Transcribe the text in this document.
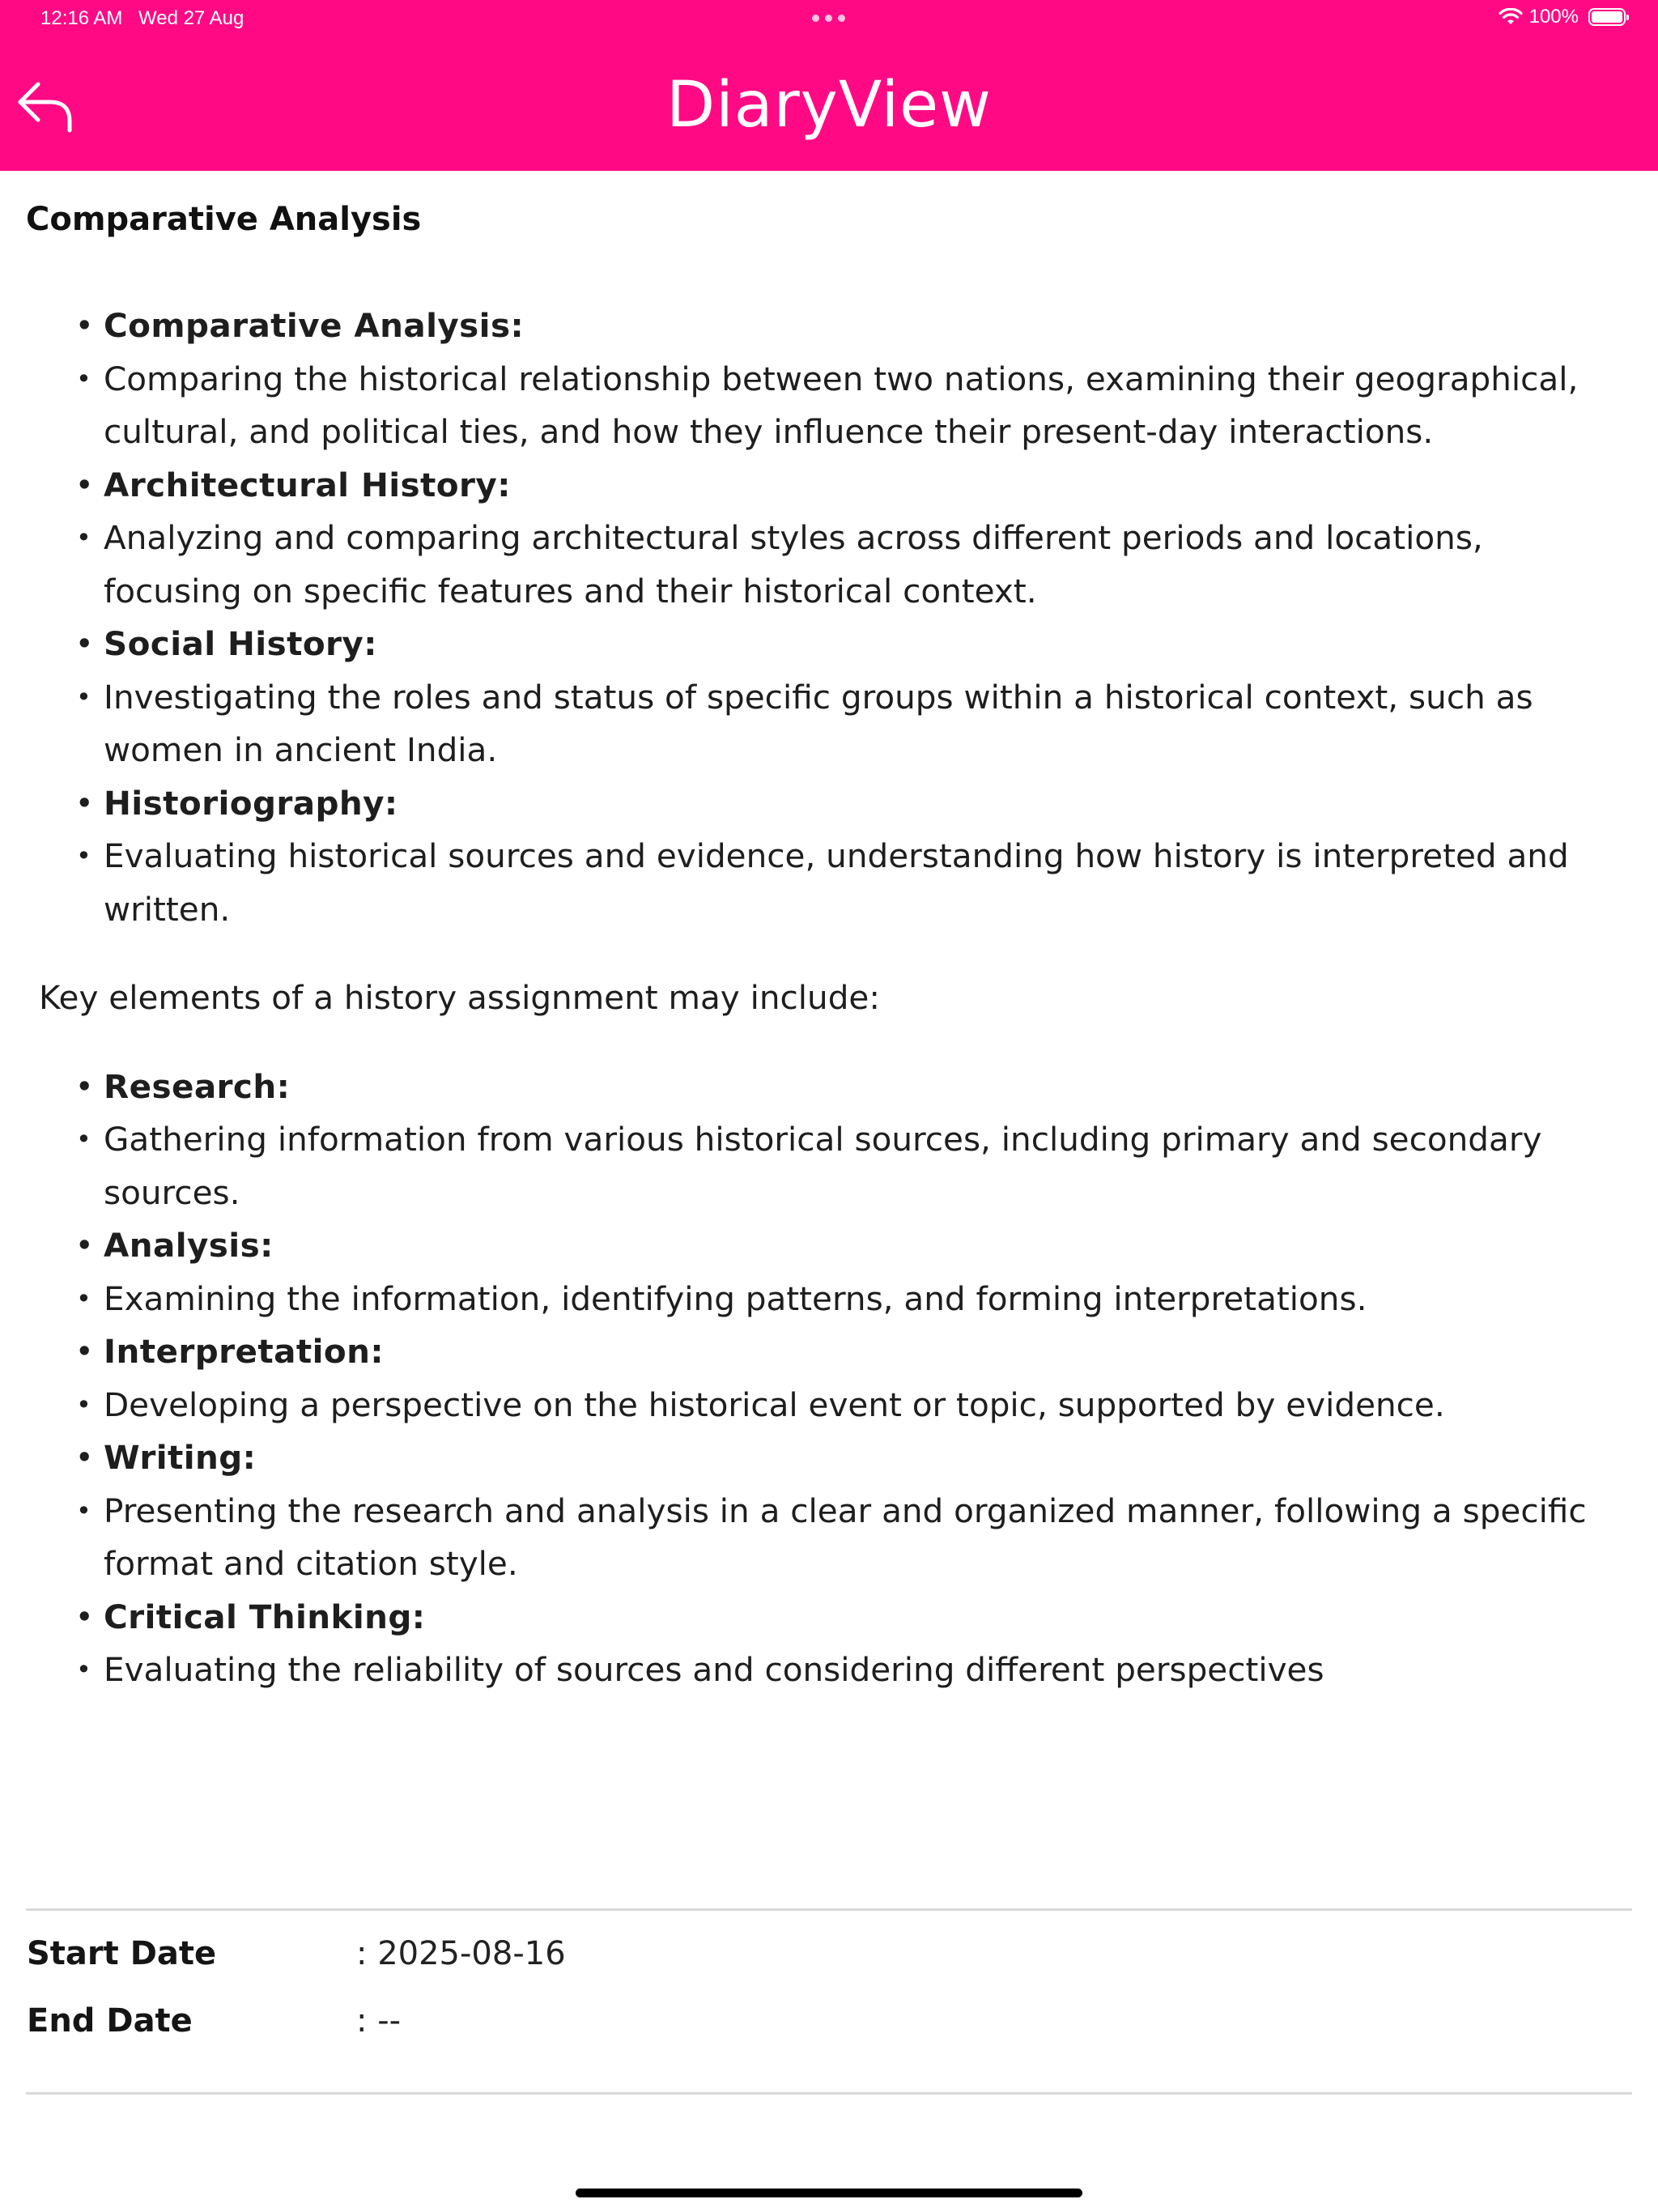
12:16 AM Wed 27 Aug	100%
DiaryView
Comparative Analysis
• Comparative Analysis:
• Comparing the historical relationship between two nations, examining their geographical, cultural, and political ties, and how they influence their present-day interactions.
• Architectural History:
• Analyzing and comparing architectural styles across different periods and locations, focusing on specific features and their historical context.
• Social History:
• Investigating the roles and status of specific groups within a historical context, such as women in ancient India.
• Historiography:
• Evaluating historical sources and evidence, understanding how history is interpreted and written.

Key elements of a history assignment may include:

• Research:
• Gathering information from various historical sources, including primary and secondary sources.
• Analysis:
• Examining the information, identifying patterns, and forming interpretations.
• Interpretation:
• Developing a perspective on the historical event or topic, supported by evidence.
• Writing:
• Presenting the research and analysis in a clear and organized manner, following a specific format and citation style.
• Critical Thinking:
• Evaluating the reliability of sources and considering different perspectives
Start Date	: 2025-08-16
End Date	: --
